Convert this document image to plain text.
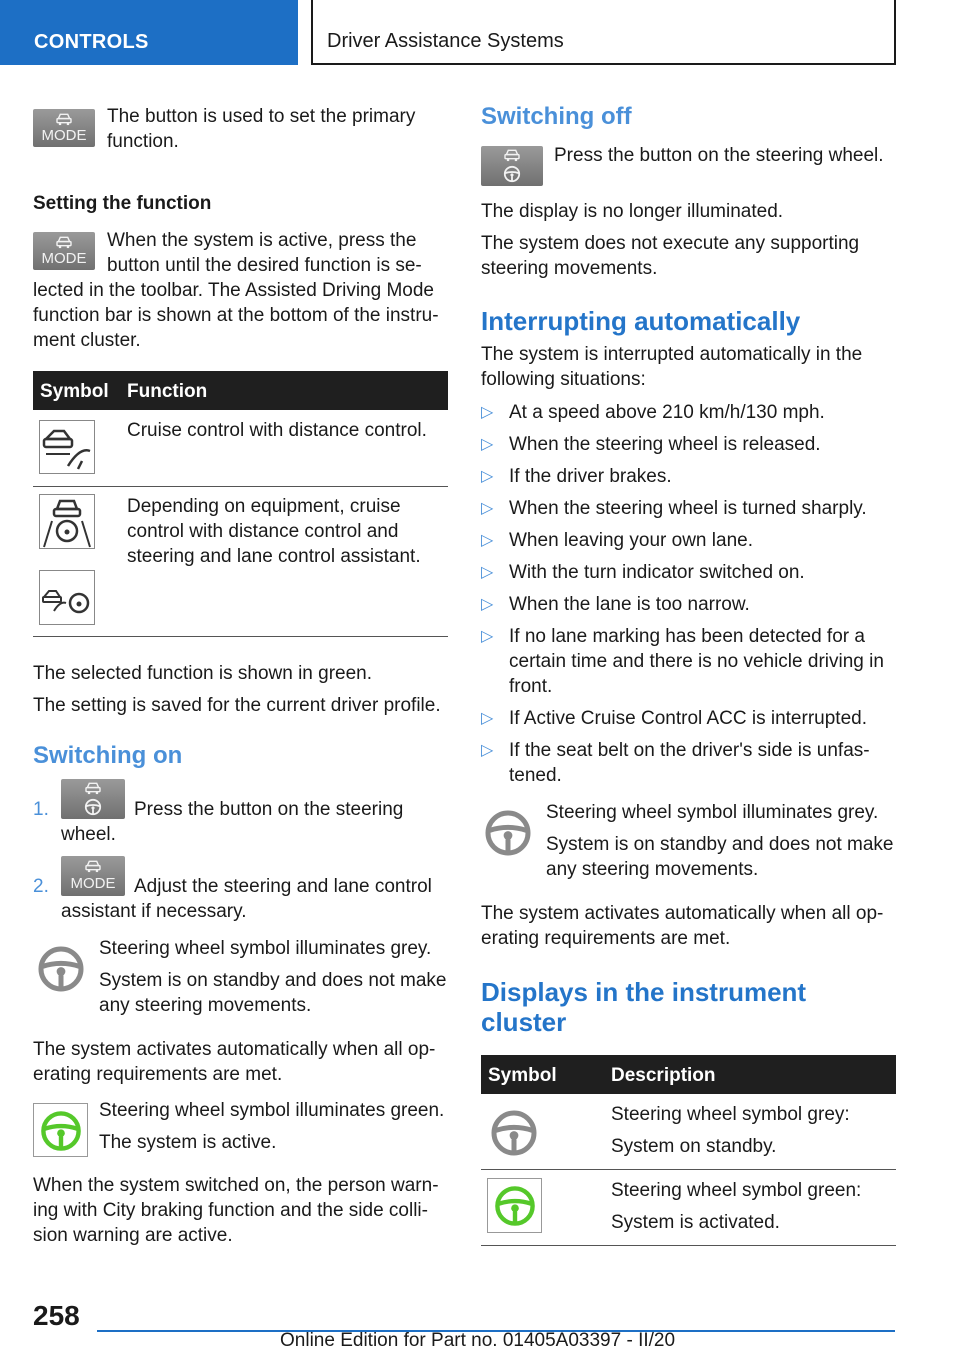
CONTROLS	Driver Assistance Systems
MODE

The button is used to set the primary function.

Setting the function

MODE

When the system is active, press the

button until the desired function is se-

lected in the toolbar. The Assisted Driving Mode

function bar is shown at the bottom of the instru-

ment cluster.

Symbol Function

Cruise control with distance control.

Depending on equipment, cruise

control with distance control and

steering and lane control assistant.

The selected function is shown in green.

The setting is saved for the current driver profile.

Switching on

1.	Press the button on the steering

wheel.

2.	MODE Adjust the steering and lane control

assistant if necessary.

Steering wheel symbol illuminates grey.

System is on standby and does not make

any steering movements.

The system activates automatically when all op-

erating requirements are met.

Steering wheel symbol illuminates green.

The system is active.

When the system switched on, the person warn-

ing with City braking function and the side colli-

sion warning are active.

Switching off

Press the button on the steering wheel.

The display is no longer illuminated.

The system does not execute any supporting

steering movements.

Interrupting automatically

The system is interrupted automatically in the

following situations:

▷ At a speed above 210 km/h/130 mph.
▷ When the steering wheel is released.
▷ If the driver brakes.
▷ When the steering wheel is turned sharply.
▷ When leaving your own lane.
▷ With the turn indicator switched on.
▷ When the lane is too narrow.
▷ If no lane marking has been detected for a

certain time and there is no vehicle driving in

front.

▷ If Active Cruise Control ACC is interrupted.
▷ If the seat belt on the driver's side is unfas-

tened.

Steering wheel symbol illuminates grey.

System is on standby and does not make

any steering movements.

The system activates automatically when all op-

erating requirements are met.

Displays in the instrument
cluster
Symbol	Description

Steering wheel symbol grey:

System on standby.

Steering wheel symbol green:

System is activated.

258
Online Edition for Part no. 01405A03397 - II/20
